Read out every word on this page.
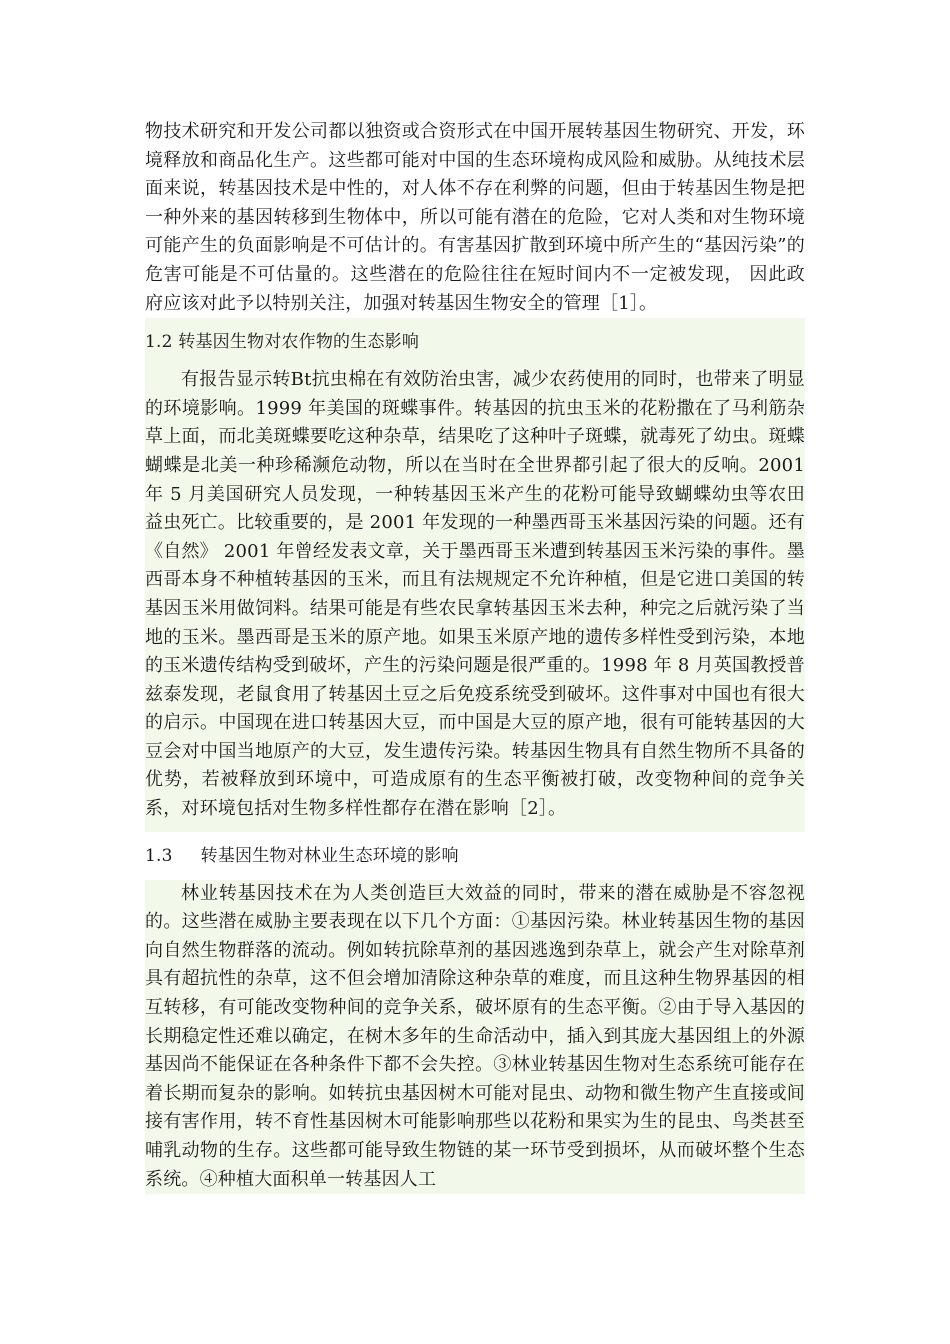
物技术研究和开发公司都以独资或合资形式在中国开展转基因生物研究、开发，环境释放和商品化生产。这些都可能对中国的生态环境构成风险和威胁。从纯技术层面来说，转基因技术是中性的，对人体不存在利弊的问题，但由于转基因生物是把一种外来的基因转移到生物体中，所以可能有潜在的危险，它对人类和对生物环境可能产生的负面影响是不可估计的。有害基因扩散到环境中所产生的“基因污染”的危害可能是不可估量的。这些潜在的危险往往在短时间内不一定被发现， 因此政府应该对此予以特别关注，加强对转基因生物安全的管理［1］。

1.2 转基因生物对农作物的生态影响

有报告显示转Bt抗虫棉在有效防治虫害，减少农药使用的同时，也带来了明显的环境影响。1999 年美国的斑蝶事件。转基因的抗虫玉米的花粉撒在了马利筋杂草上面，而北美斑蝶要吃这种杂草，结果吃了这种叶子斑蝶，就毒死了幼虫。斑蝶蝴蝶是北美一种珍稀濒危动物，所以在当时在全世界都引起了很大的反响。2001 年 5 月美国研究人员发现，一种转基因玉米产生的花粉可能导致蝴蝶幼虫等农田益虫死亡。比较重要的，是 2001 年发现的一种墨西哥玉米基因污染的问题。还有《自然》 2001 年曾经发表文章，关于墨西哥玉米遭到转基因玉米污染的事件。墨西哥本身不种植转基因的玉米，而且有法规规定不允许种植，但是它进口美国的转基因玉米用做饲料。结果可能是有些农民拿转基因玉米去种，种完之后就污染了当地的玉米。墨西哥是玉米的原产地。如果玉米原产地的遗传多样性受到污染，本地的玉米遗传结构受到破坏，产生的污染问题是很严重的。1998 年 8 月英国教授普兹泰发现，老鼠食用了转基因土豆之后免疫系统受到破坏。这件事对中国也有很大的启示。中国现在进口转基因大豆，而中国是大豆的原产地，很有可能转基因的大豆会对中国当地原产的大豆，发生遗传污染。转基因生物具有自然生物所不具备的优势，若被释放到环境中，可造成原有的生态平衡被打破，改变物种间的竞争关系，对环境包括对生物多样性都存在潜在影响［2］。

1.3     转基因生物对林业生态环境的影响

林业转基因技术在为人类创造巨大效益的同时，带来的潜在威胁是不容忽视的。这些潜在威胁主要表现在以下几个方面：①基因污染。林业转基因生物的基因向自然生物群落的流动。例如转抗除草剂的基因逃逸到杂草上，就会产生对除草剂具有超抗性的杂草，这不但会增加清除这种杂草的难度，而且这种生物界基因的相互转移，有可能改变物种间的竞争关系，破坏原有的生态平衡。②由于导入基因的长期稳定性还难以确定，在树木多年的生命活动中，插入到其庞大基因组上的外源基因尚不能保证在各种条件下都不会失控。③林业转基因生物对生态系统可能存在着长期而复杂的影响。如转抗虫基因树木可能对昆虫、动物和微生物产生直接或间接有害作用，转不育性基因树木可能影响那些以花粉和果实为生的昆虫、鸟类甚至哺乳动物的生存。这些都可能导致生物链的某一环节受到损坏，从而破坏整个生态系统。④种植大面积单一转基因人工
